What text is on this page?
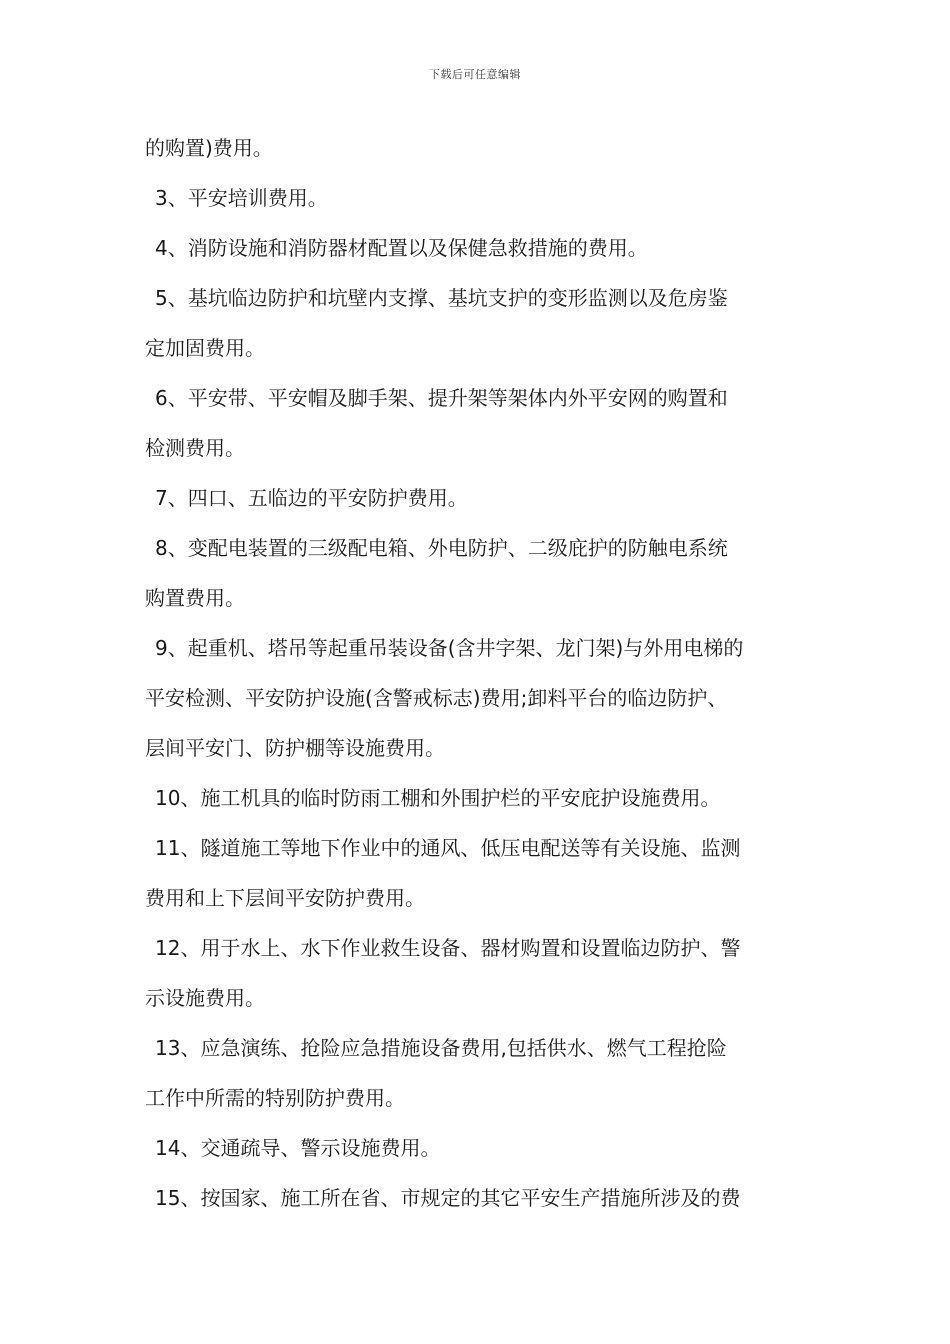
下载后可任意编辑
的购置)费用。
3、平安培训费用。
4、消防设施和消防器材配置以及保健急救措施的费用。
5、基坑临边防护和坑壁内支撑、基坑支护的变形监测以及危房鉴
定加固费用。
6、平安带、平安帽及脚手架、提升架等架体内外平安网的购置和
检测费用。
7、四口、五临边的平安防护费用。
8、变配电装置的三级配电箱、外电防护、二级庇护的防触电系统
购置费用。
9、起重机、塔吊等起重吊装设备(含井字架、龙门架)与外用电梯的
平安检测、平安防护设施(含警戒标志)费用;卸料平台的临边防护、
层间平安门、防护棚等设施费用。
10、施工机具的临时防雨工棚和外围护栏的平安庇护设施费用。
11、隧道施工等地下作业中的通风、低压电配送等有关设施、监测
费用和上下层间平安防护费用。
12、用于水上、水下作业救生设备、器材购置和设置临边防护、警
示设施费用。
13、应急演练、抢险应急措施设备费用,包括供水、燃气工程抢险
工作中所需的特别防护费用。
14、交通疏导、警示设施费用。
15、按国家、施工所在省、市规定的其它平安生产措施所涉及的费
